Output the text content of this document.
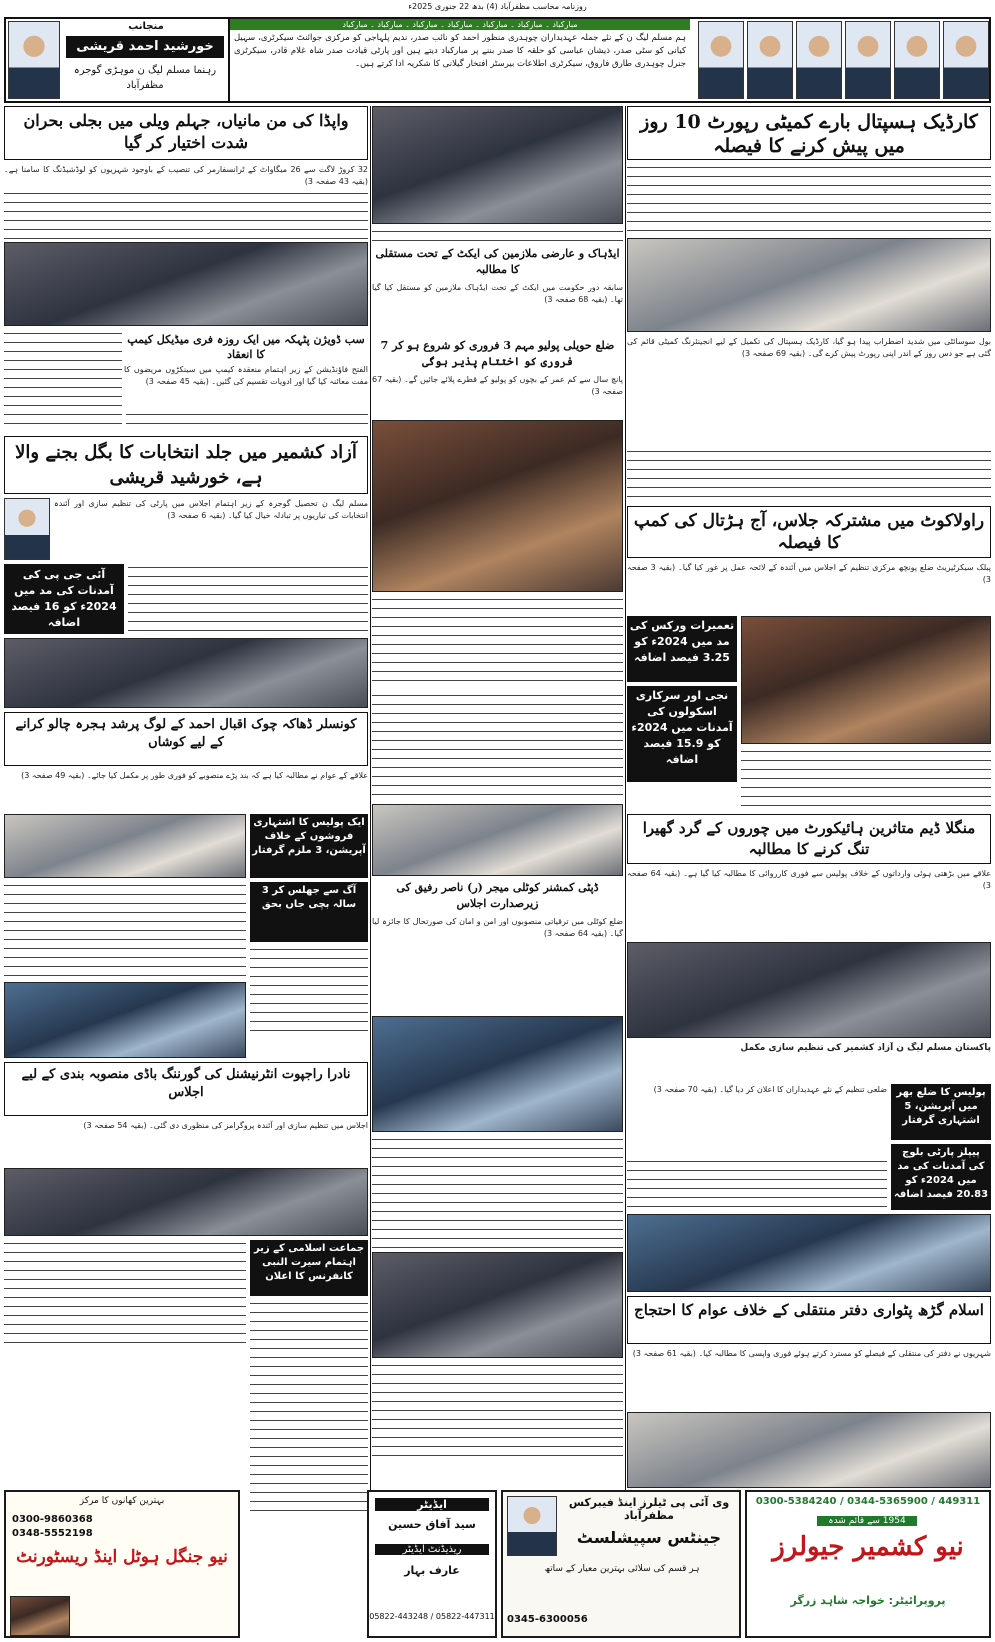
روزنامہ محاسب مظفرآباد (4) بدھ 22 جنوری 2025ء
منجانب
خورشید احمد قریشی
رہنما مسلم لیگ ن موہڑی گوجرہ مظفرآباد
مبارکباد ۔ مبارکباد ۔ مبارکباد ۔ مبارکباد ۔ مبارکباد ۔ مبارکباد ۔ مبارکباد
ہم مسلم لیگ ن کے نئے جملہ عہدیداران چوہدری منظور احمد کو نائب صدر، ندیم پلہاجی کو مرکزی جوائنٹ سیکرٹری، سہیل کیانی کو سٹی صدر، ذیشان عباسی کو حلقہ کا صدر بننے پر مبارکباد دیتے ہیں اور پارٹی قیادت صدر شاہ غلام قادر، سیکرٹری جنرل چوہدری طارق فاروق، سیکرٹری اطلاعات بیرسٹر افتخار گیلانی کا شکریہ ادا کرتے ہیں۔
کارڈیک ہسپتال بارے کمیٹی رپورٹ 10 روز میں پیش کرنے کا فیصلہ
بول سوسائٹی میں شدید اضطراب پیدا ہو گیا، کارڈیک ہسپتال کی تکمیل کے لیے انجینئرنگ کمیٹی قائم کی گئی ہے جو دس روز کے اندر اپنی رپورٹ پیش کرے گی۔ (بقیہ 69 صفحہ 3)
راولاکوٹ میں مشترکہ جلاس، آج ہڑتال کی کمپ کا فیصلہ
پبلک سیکرٹیریٹ ضلع پونچھ مرکزی تنظیم کے اجلاس میں آئندہ کے لائحہ عمل پر غور کیا گیا۔ (بقیہ 3 صفحہ 3)
تعمیرات ورکس کی مد میں 2024ء کو 3.25 فیصد اضافہ
نجی اور سرکاری اسکولوں کی آمدنات میں 2024ء کو 15.9 فیصد اضافہ
منگلا ڈیم متاثرین ہائیکورٹ میں چوروں کے گرد گھیرا تنگ کرنے کا مطالبہ
علاقے میں بڑھتی ہوئی وارداتوں کے خلاف پولیس سے فوری کارروائی کا مطالبہ کیا گیا ہے۔ (بقیہ 64 صفحہ 3)
پاکستان مسلم لیگ ن آزاد کشمیر کی تنظیم سازی مکمل
ضلعی تنظیم کے نئے عہدیداران کا اعلان کر دیا گیا۔ (بقیہ 70 صفحہ 3) پولیس کا ضلع بھر میں آپریشن، 5 اشتہاری گرفتار
پیپلز پارٹی بلوچ کی آمدنات کی مد میں 2024ء کو 20.83 فیصد اضافہ
اسلام گڑھ پٹواری دفتر منتقلی کے خلاف عوام کا احتجاج
شہریوں نے دفتر کی منتقلی کے فیصلے کو مسترد کرتے ہوئے فوری واپسی کا مطالبہ کیا۔ (بقیہ 61 صفحہ 3)
ایڈہاک و عارضی ملازمین کی ایکٹ کے تحت مستقلی کا مطالبہ
سابقہ دور حکومت میں ایکٹ کے تحت ایڈہاک ملازمین کو مستقل کیا گیا تھا۔ (بقیہ 68 صفحہ 3)
ضلع حویلی پولیو مہم 3 فروری کو شروع ہو کر 7 فروری کو اختتام پذیر ہوگی
پانچ سال سے کم عمر کے بچوں کو پولیو کے قطرے پلائے جائیں گے۔ (بقیہ 67 صفحہ 3)
ڈپٹی کمشنر کوٹلی میجر (ر) ناصر رفیق کی زیرصدارت اجلاس
ضلع کوٹلی میں ترقیاتی منصوبوں اور امن و امان کی صورتحال کا جائزہ لیا گیا۔ (بقیہ 64 صفحہ 3)
واپڈا کی من مانیاں، جہلم ویلی میں بجلی بحران شدت اختیار کر گیا
32 کروڑ لاگت سے 26 میگاواٹ کے ٹرانسفارمر کی تنصیب کے باوجود شہریوں کو لوڈشیڈنگ کا سامنا ہے۔ (بقیہ 43 صفحہ 3)
سب ڈویژن پٹہکہ میں ایک روزہ فری میڈیکل کیمپ کا انعقاد
الفتح فاؤنڈیشن کے زیر اہتمام منعقدہ کیمپ میں سینکڑوں مریضوں کا مفت معائنہ کیا گیا اور ادویات تقسیم کی گئیں۔ (بقیہ 45 صفحہ 3)
آزاد کشمیر میں جلد انتخابات کا بگل بجنے والا ہے، خورشید قریشی
مسلم لیگ ن تحصیل گوجرہ کے زیر اہتمام اجلاس میں پارٹی کی تنظیم سازی اور آئندہ انتخابات کی تیاریوں پر تبادلہ خیال کیا گیا۔ (بقیہ 6 صفحہ 3)
آئی جی پی کی آمدنات کی مد میں 2024ء کو 16 فیصد اضافہ
کونسلر ڈھاکہ چوک اقبال احمد کے لوگ پرشد ہجرہ چالو کرانے کے لیے کوشاں
علاقے کے عوام نے مطالبہ کیا ہے کہ بند پڑے منصوبے کو فوری طور پر مکمل کیا جائے۔ (بقیہ 49 صفحہ 3)
ایک پولیس کا اشتہاری فروشوں کے خلاف آپریشن، 3 ملزم گرفتار
آگ سے جھلس کر 3 سالہ بچی جاں بحق
نادرا راجپوت انٹرنیشنل کی گورننگ باڈی منصوبہ بندی کے لیے اجلاس
اجلاس میں تنظیم سازی اور آئندہ پروگرامز کی منظوری دی گئی۔ (بقیہ 54 صفحہ 3)
جماعت اسلامی کے زیر اہتمام سیرت النبی کانفرنس کا اعلان
0300-5384240 / 0344-5365900 / 449311
1954 سے قائم شدہ
نیو کشمیر جیولرز
پروپرائیٹر: خواجہ شاہد زرگر
وی آئی پی ٹیلرز اینڈ فیبرکس مظفرآباد
جینٹس سپیشلسٹ
ہر قسم کی سلائی بہترین معیار کے ساتھ
0345-6300056
ایڈیٹر
سید آفاق حسین
ریذیڈنٹ ایڈیٹر
عارف بہار
05822-443248 / 05822-447311
بہترین کھانوں کا مرکز
0300-9860368
0348-5552198
نیو جنگل ہوٹل اینڈ ریسٹورنٹ
